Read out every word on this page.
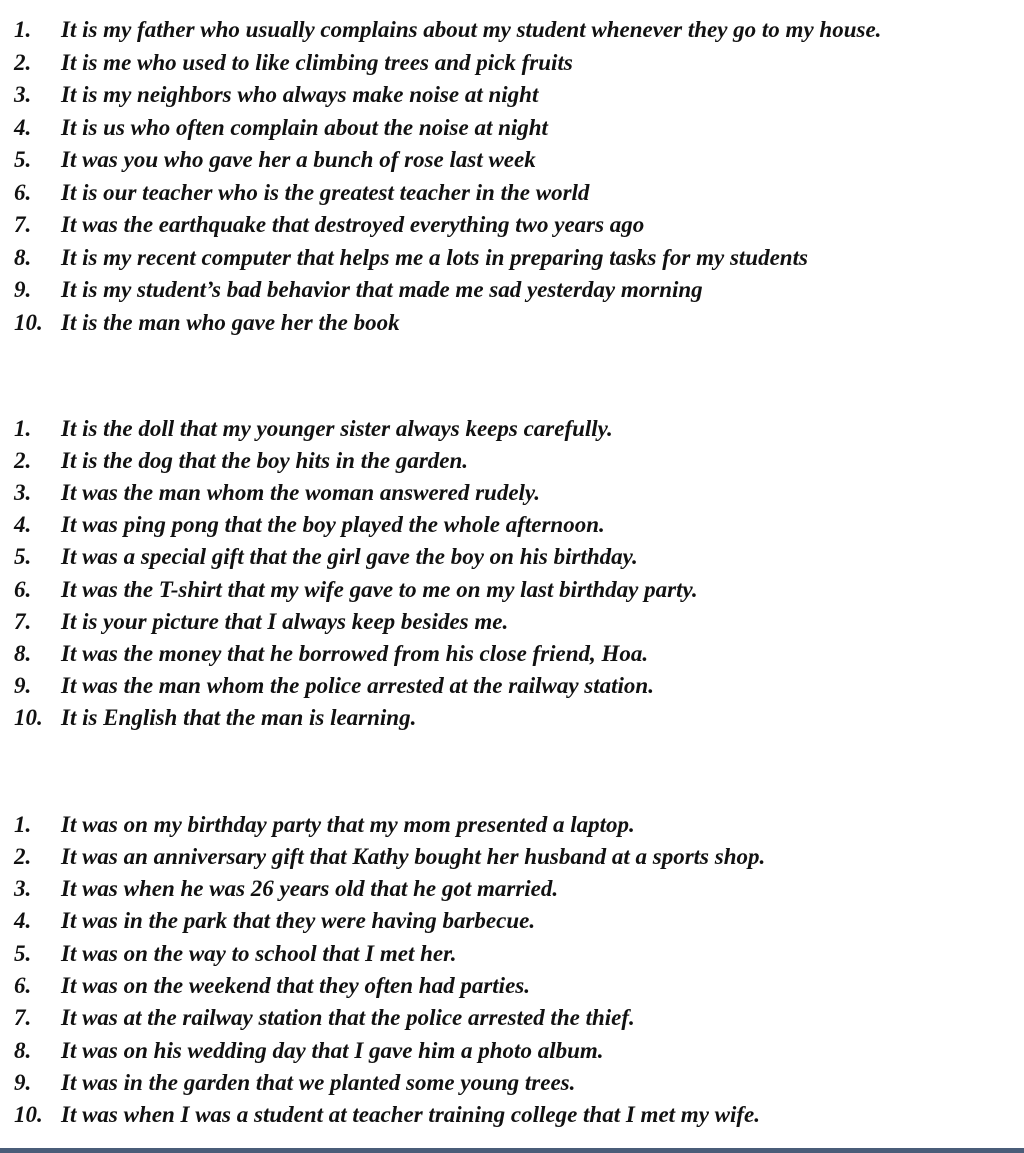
1.	It is my father who usually complains about my student whenever they go to my house.
2.	It is me who used to like climbing trees and pick fruits
3.	It is my neighbors who always make noise at night
4.	It is us who often complain about the noise at night
5.	It was you who gave her a bunch of rose last week
6.	It is our teacher who is the greatest teacher in the world
7.	It was the earthquake that destroyed everything two years ago
8.	It is my recent computer that helps me a lots in preparing tasks for my students
9.	It is my student’s bad behavior that made me sad yesterday morning
10. It is the man who gave her the book
1.	It is the doll that my younger sister always keeps carefully.
2.	It is the dog that the boy hits in the garden.
3.	It was the man whom the woman answered rudely.
4.	It was ping pong that the boy played the whole afternoon.
5.	It was a special gift that the girl gave the boy on his birthday.
6.	It was the T-shirt that my wife gave to me on my last birthday party.
7.	It is your picture that I always keep besides me.
8.	It was the money that he borrowed from his close friend, Hoa.
9.	It was the man whom the police arrested at the railway station.
10. It is English that the man is learning.
1.	It was on my birthday party that my mom presented a laptop.
2.	It was an anniversary gift that Kathy bought her husband at a sports shop.
3.	It was when he was 26 years old that he got married.
4.	It was in the park that they were having barbecue.
5.	It was on the way to school that I met her.
6.	It was on the weekend that they often had parties.
7.	It was at the railway station that the police arrested the thief.
8.	It was on his wedding day that I gave him a photo album.
9.	It was in the garden that we planted some young trees.
10. It was when I was a student at teacher training college that I met my wife.
